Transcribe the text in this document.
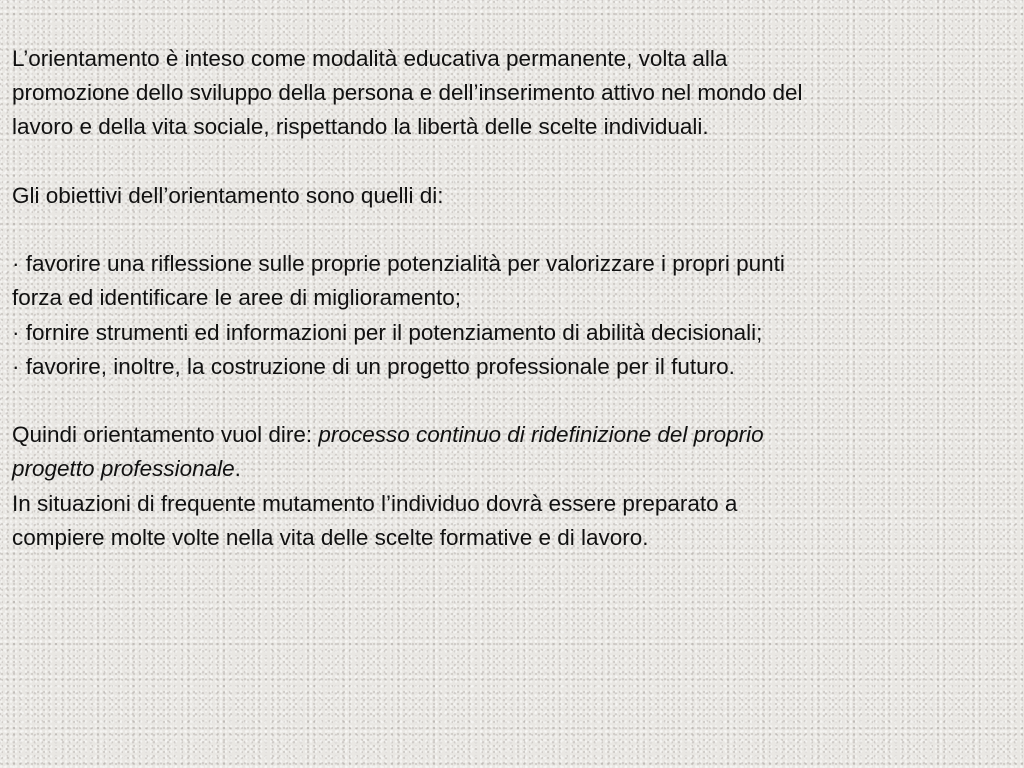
L’orientamento è inteso come modalità educativa permanente, volta alla
promozione dello sviluppo della persona e dell’inserimento attivo nel mondo del
lavoro e della vita sociale, rispettando la libertà delle scelte individuali.

Gli obiettivi dell’orientamento sono quelli di:

· favorire una riflessione sulle proprie potenzialità per valorizzare i propri punti
forza ed identificare le aree di miglioramento;

· fornire strumenti ed informazioni per il potenziamento di abilità decisionali;

· favorire, inoltre, la costruzione di un progetto professionale per il futuro.

Quindi orientamento vuol dire: processo continuo di ridefinizione del proprio
progetto professionale.

In situazioni di frequente mutamento l’individuo dovrà essere preparato a
compiere molte volte nella vita delle scelte formative e di lavoro.
